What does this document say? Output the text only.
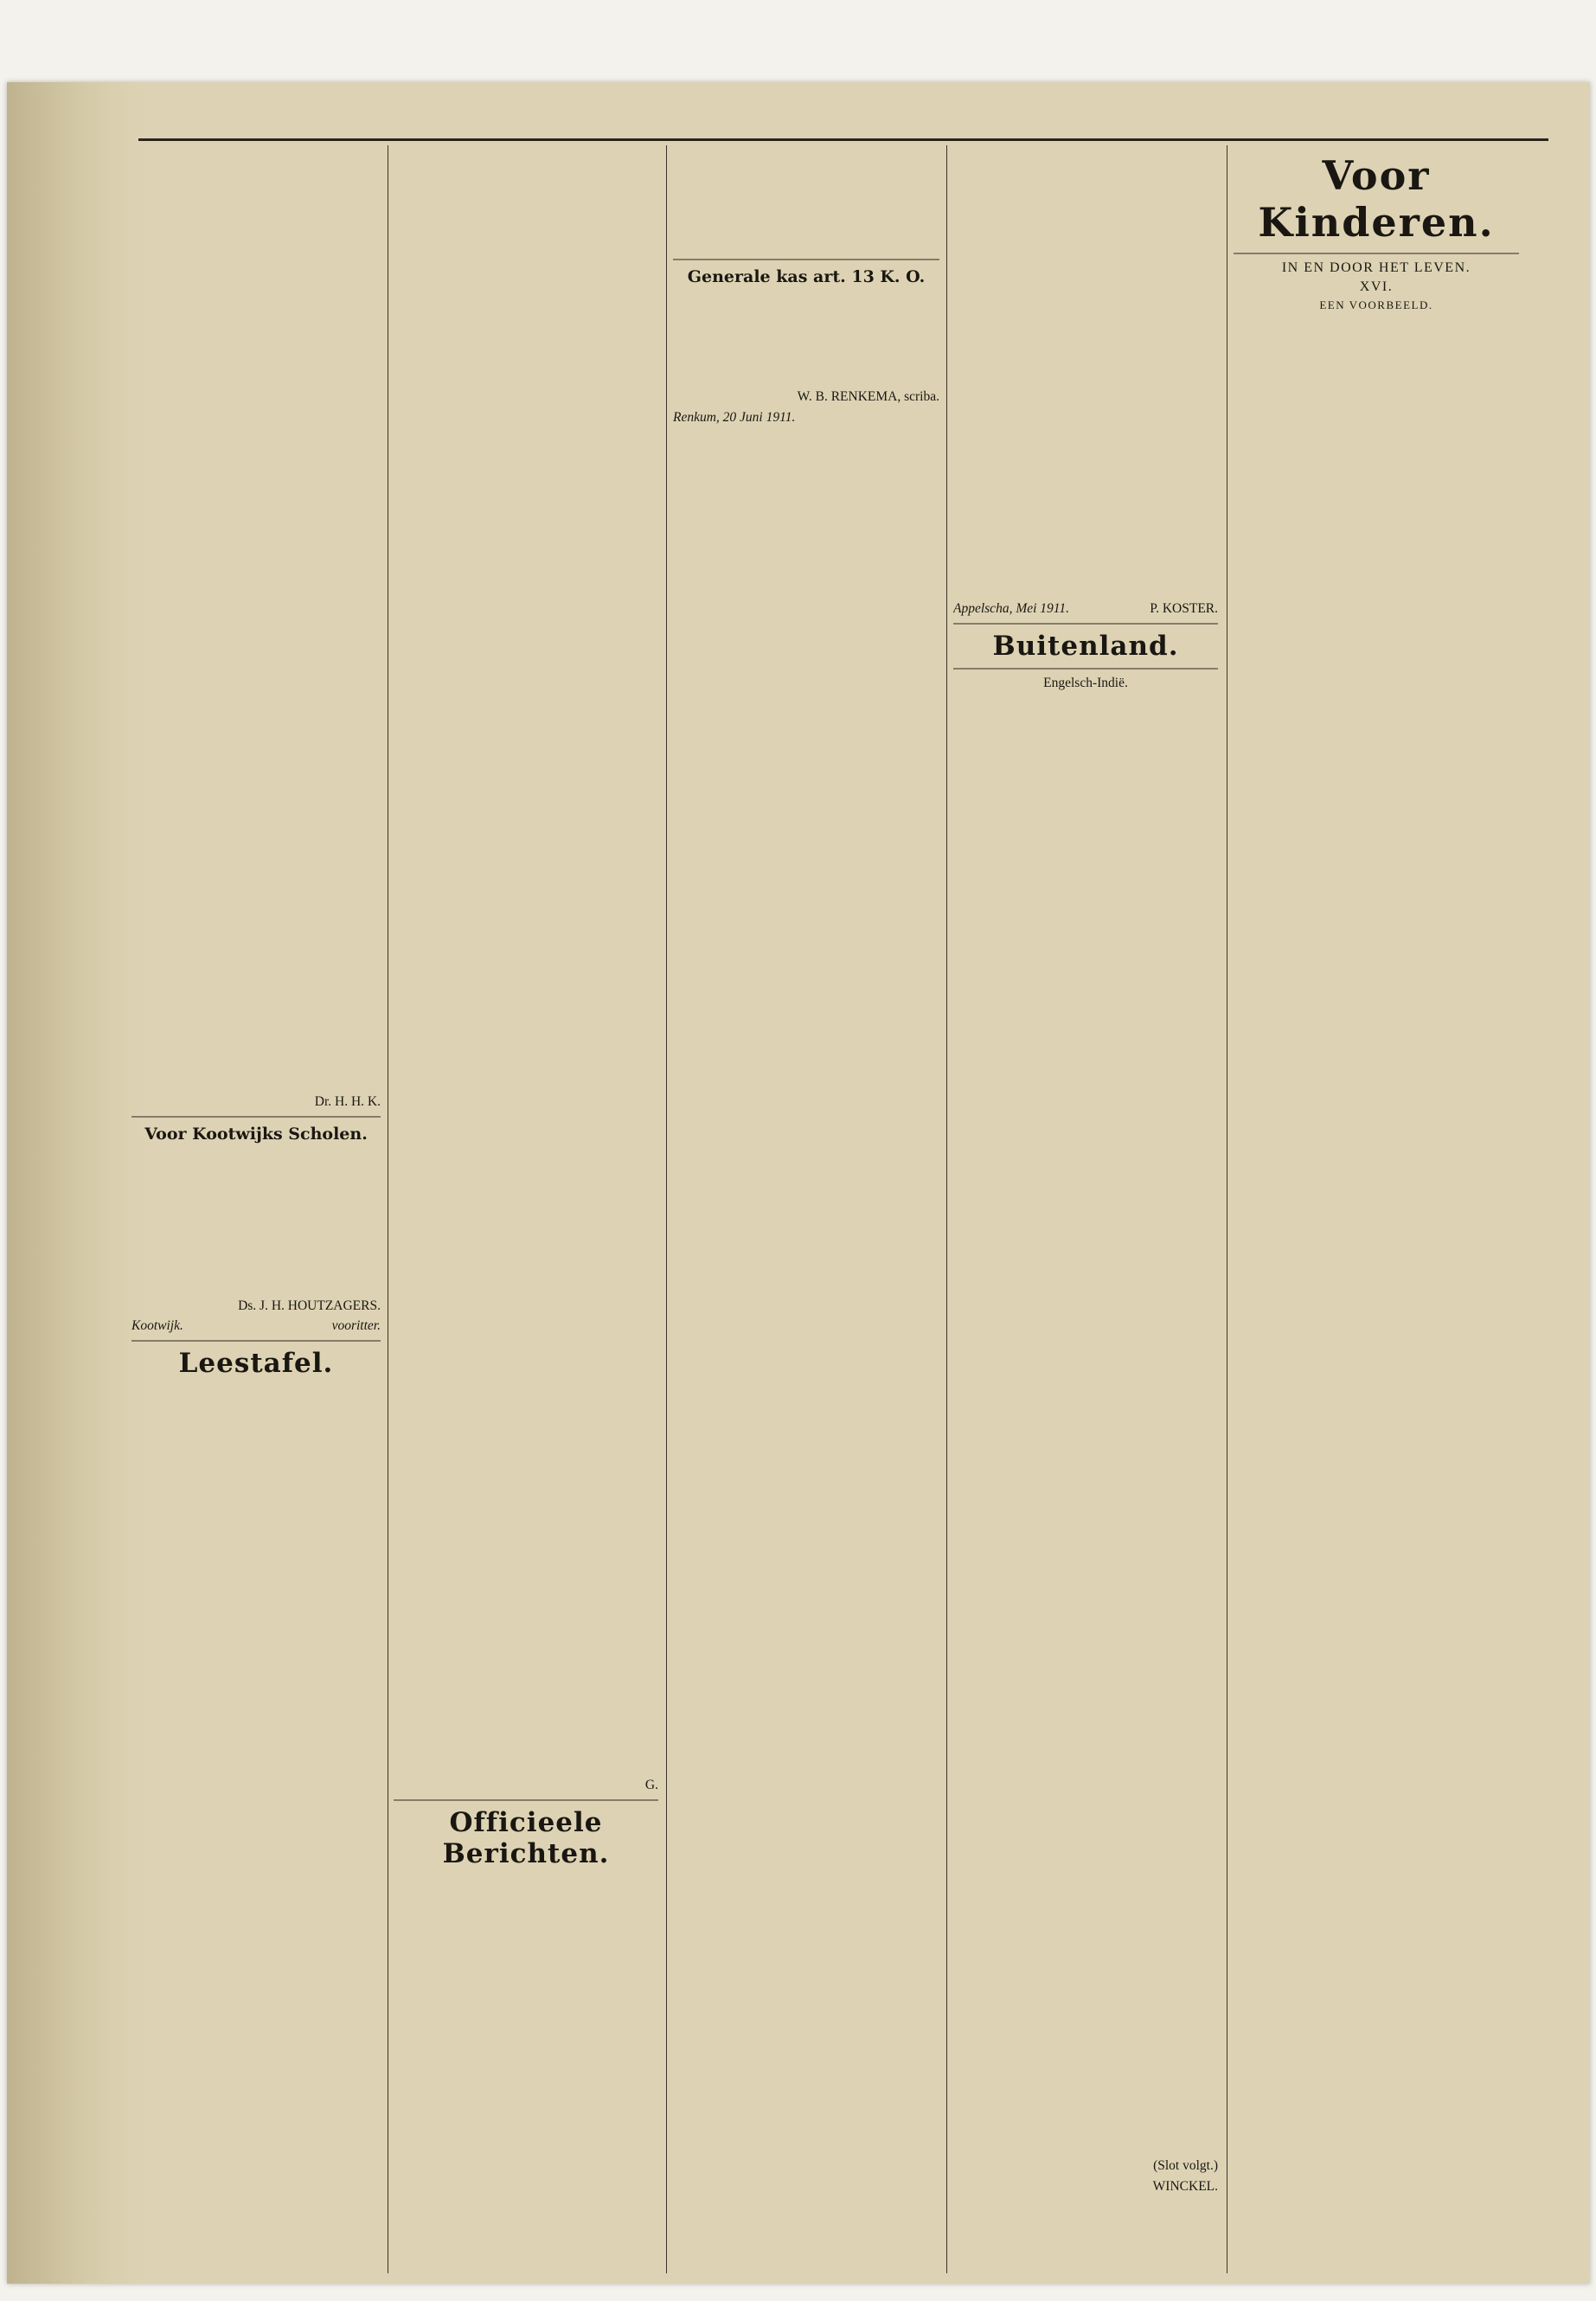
Dr. H. H. K.
Voor Kootwijks Scholen.
Ds. J. H. HOUTZAGERS.
Kootwijk.	vooritter.
Leestafel.
G.
Officieele Berichten.
Generale kas art. 13 K. O.
W. B. RENKEMA, scriba.
Renkum, 20 Juni 1911.
Appelscha, Mei 1911.	P. KOSTER.
Buitenland.
Engelsch-Indië.
(Slot volgt.)
WINCKEL.
Voor Kinderen.
IN EN DOOR HET LEVEN.
XVI.
EEN VOORBEELD.
